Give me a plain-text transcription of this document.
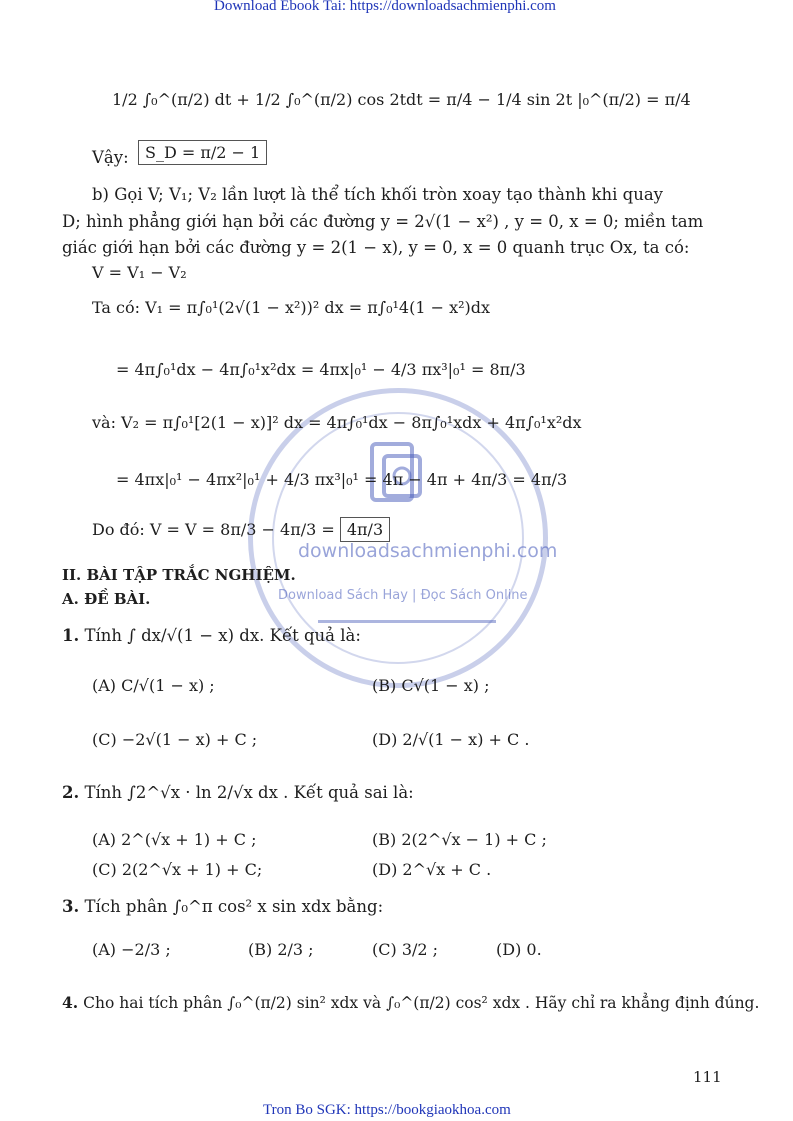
Download Ebook Tai: https://downloadsachmienphi.com
Tron Bo SGK: https://bookgiaokhoa.com
111
downloadsachmienphi.com
Download Sách Hay | Đọc Sách Online
1/2 ∫₀^(π/2) dt + 1/2 ∫₀^(π/2) cos 2tdt = π/4 − 1/4 sin 2t |₀^(π/2) = π/4
Vậy:	S_D = π/2 − 1
b) Gọi V; V₁; V₂ lần lượt là thể tích khối tròn xoay tạo thành khi quay
D; hình phẳng giới hạn bởi các đường y = 2√(1 − x²) , y = 0, x = 0; miền tam
giác giới hạn bởi các đường y = 2(1 − x), y = 0, x = 0 quanh trục Ox, ta có:
V = V₁ − V₂
Ta có: V₁ = π∫₀¹(2√(1 − x²))² dx = π∫₀¹4(1 − x²)dx
= 4π∫₀¹dx − 4π∫₀¹x²dx = 4πx|₀¹ − 4/3 πx³|₀¹ = 8π/3
và: V₂ = π∫₀¹[2(1 − x)]² dx = 4π∫₀¹dx − 8π∫₀¹xdx + 4π∫₀¹x²dx
= 4πx|₀¹ − 4πx²|₀¹ + 4/3 πx³|₀¹ = 4π − 4π + 4π/3 = 4π/3
Do đó: V = V = 8π/3 − 4π/3 = 4π/3
II. BÀI TẬP TRẮC NGHIỆM.
A. ĐỀ BÀI.
1. Tính ∫ dx/√(1 − x) dx. Kết quả là:
(A) C/√(1 − x) ;	(B) C√(1 − x) ;
(C) −2√(1 − x) + C ;	(D) 2/√(1 − x) + C .
2. Tính ∫2^√x · ln 2/√x dx . Kết quả sai là:
(A) 2^(√x + 1) + C ;	(B) 2(2^√x − 1) + C ;
(C) 2(2^√x + 1) + C;	(D) 2^√x + C .
3. Tích phân ∫₀^π cos² x sin xdx bằng:
(A) −2/3 ;	(B) 2/3 ;	(C) 3/2 ;	(D) 0.
4. Cho hai tích phân ∫₀^(π/2) sin² xdx và ∫₀^(π/2) cos² xdx . Hãy chỉ ra khẳng định đúng.
